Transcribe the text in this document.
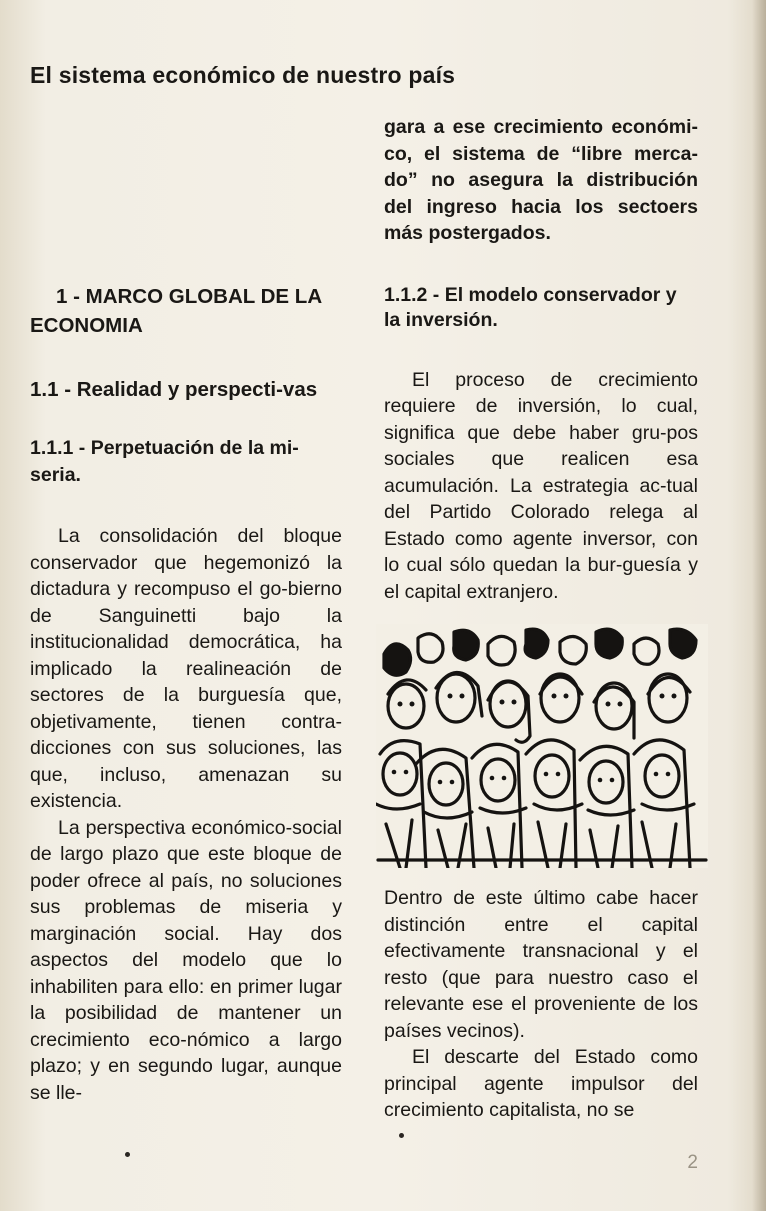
El sistema económico de nuestro país

1 - MARCO GLOBAL DE LA ECONOMIA

1.1 - Realidad y perspecti-vas

1.1.1 - Perpetuación de la mi-seria.

La consolidación del bloque conservador que hegemonizó la dictadura y recompuso el go-bierno de Sanguinetti bajo la institucionalidad democrática, ha implicado la realineación de sectores de la burguesía que, objetivamente, tienen contra-dicciones con sus soluciones, las que, incluso, amenazan su existencia.

La perspectiva económico-social de largo plazo que este bloque de poder ofrece al país, no soluciones sus problemas de miseria y marginación social. Hay dos aspectos del modelo que lo inhabiliten para ello: en primer lugar la posibilidad de mantener un crecimiento eco-nómico a largo plazo; y en segundo lugar, aunque se lle-

gara a ese crecimiento económi-co, el sistema de “libre merca-do” no asegura la distribución del ingreso hacia los sectoers más postergados.

1.1.2 - El modelo conservador y la inversión.

El proceso de crecimiento requiere de inversión, lo cual, significa que debe haber gru-pos sociales que realicen esa acumulación. La estrategia ac-tual del Partido Colorado relega al Estado como agente inversor, con lo cual sólo quedan la bur-guesía y el capital extranjero.

Dentro de este último cabe hacer distinción entre el capital efectivamente transnacional y el resto (que para nuestro caso el relevante ese el proveniente de los países vecinos).

El descarte del Estado como principal agente impulsor del crecimiento capitalista, no se

2
